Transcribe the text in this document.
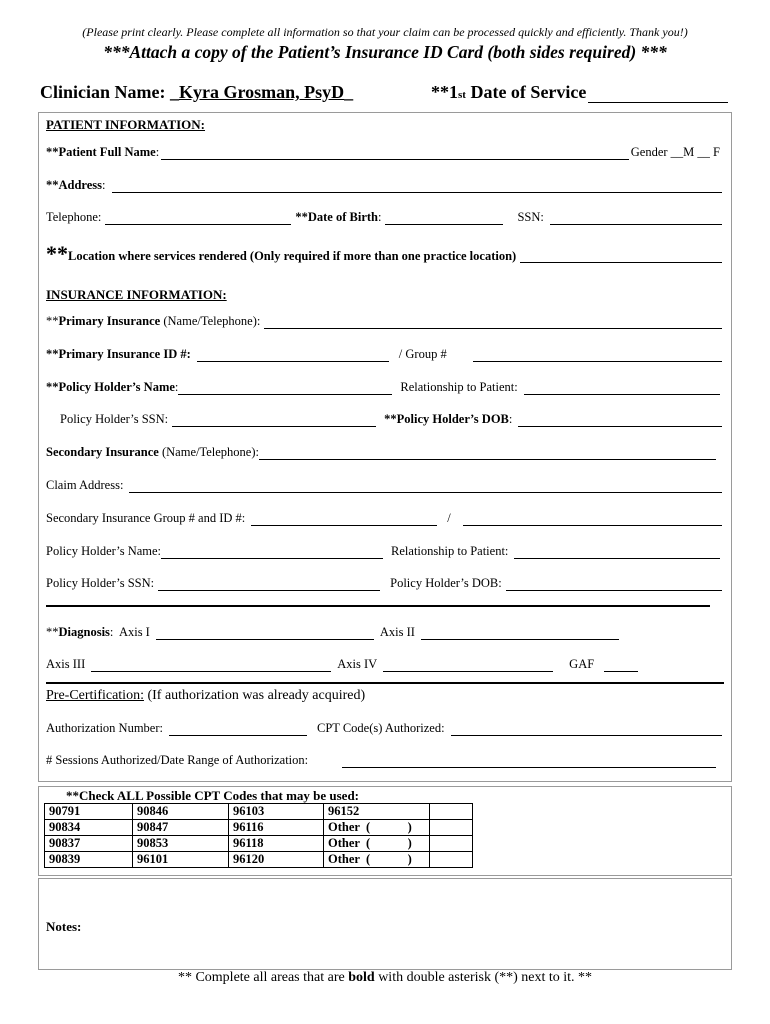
(Please print clearly. Please complete all information so that your claim can be processed quickly and efficiently. Thank you!)
***Attach a copy of the Patient’s Insurance ID Card (both sides required) ***
Clinician Name: _Kyra Grosman, PsyD_	**1st Date of Service
PATIENT INFORMATION:
**Patient Full Name :	Gender __M __ F
**Address :
Telephone:	**Date of Birth :	SSN:
** Location where services rendered (Only required if more than one practice location)
INSURANCE INFORMATION:
** Primary Insurance (Name/Telephone):
**Primary Insurance ID #:	/ Group #
**Policy Holder’s Name :	Relationship to Patient:
Policy Holder’s SSN:	**Policy Holder’s DOB :
Secondary Insurance (Name/Telephone):
Claim Address:
Secondary Insurance Group # and ID #:	/
Policy Holder’s Name:	Relationship to Patient:
Policy Holder’s SSN:	Policy Holder’s DOB:
** Diagnosis :  Axis I	Axis II
Axis III	Axis IV	GAF
Pre-Certification: (If authorization was already acquired)
Authorization Number:	CPT Code(s) Authorized:
# Sessions Authorized/Date Range of Authorization:
**Check ALL Possible CPT Codes that may be used:
90791	90846	96103	96152	
90834	90847	96116	Other  (            )	
90837	90853	96118	Other  (            )	
90839	96101	96120	Other  (            )	
Notes:
** Complete all areas that are bold with double asterisk (**) next to it. **
